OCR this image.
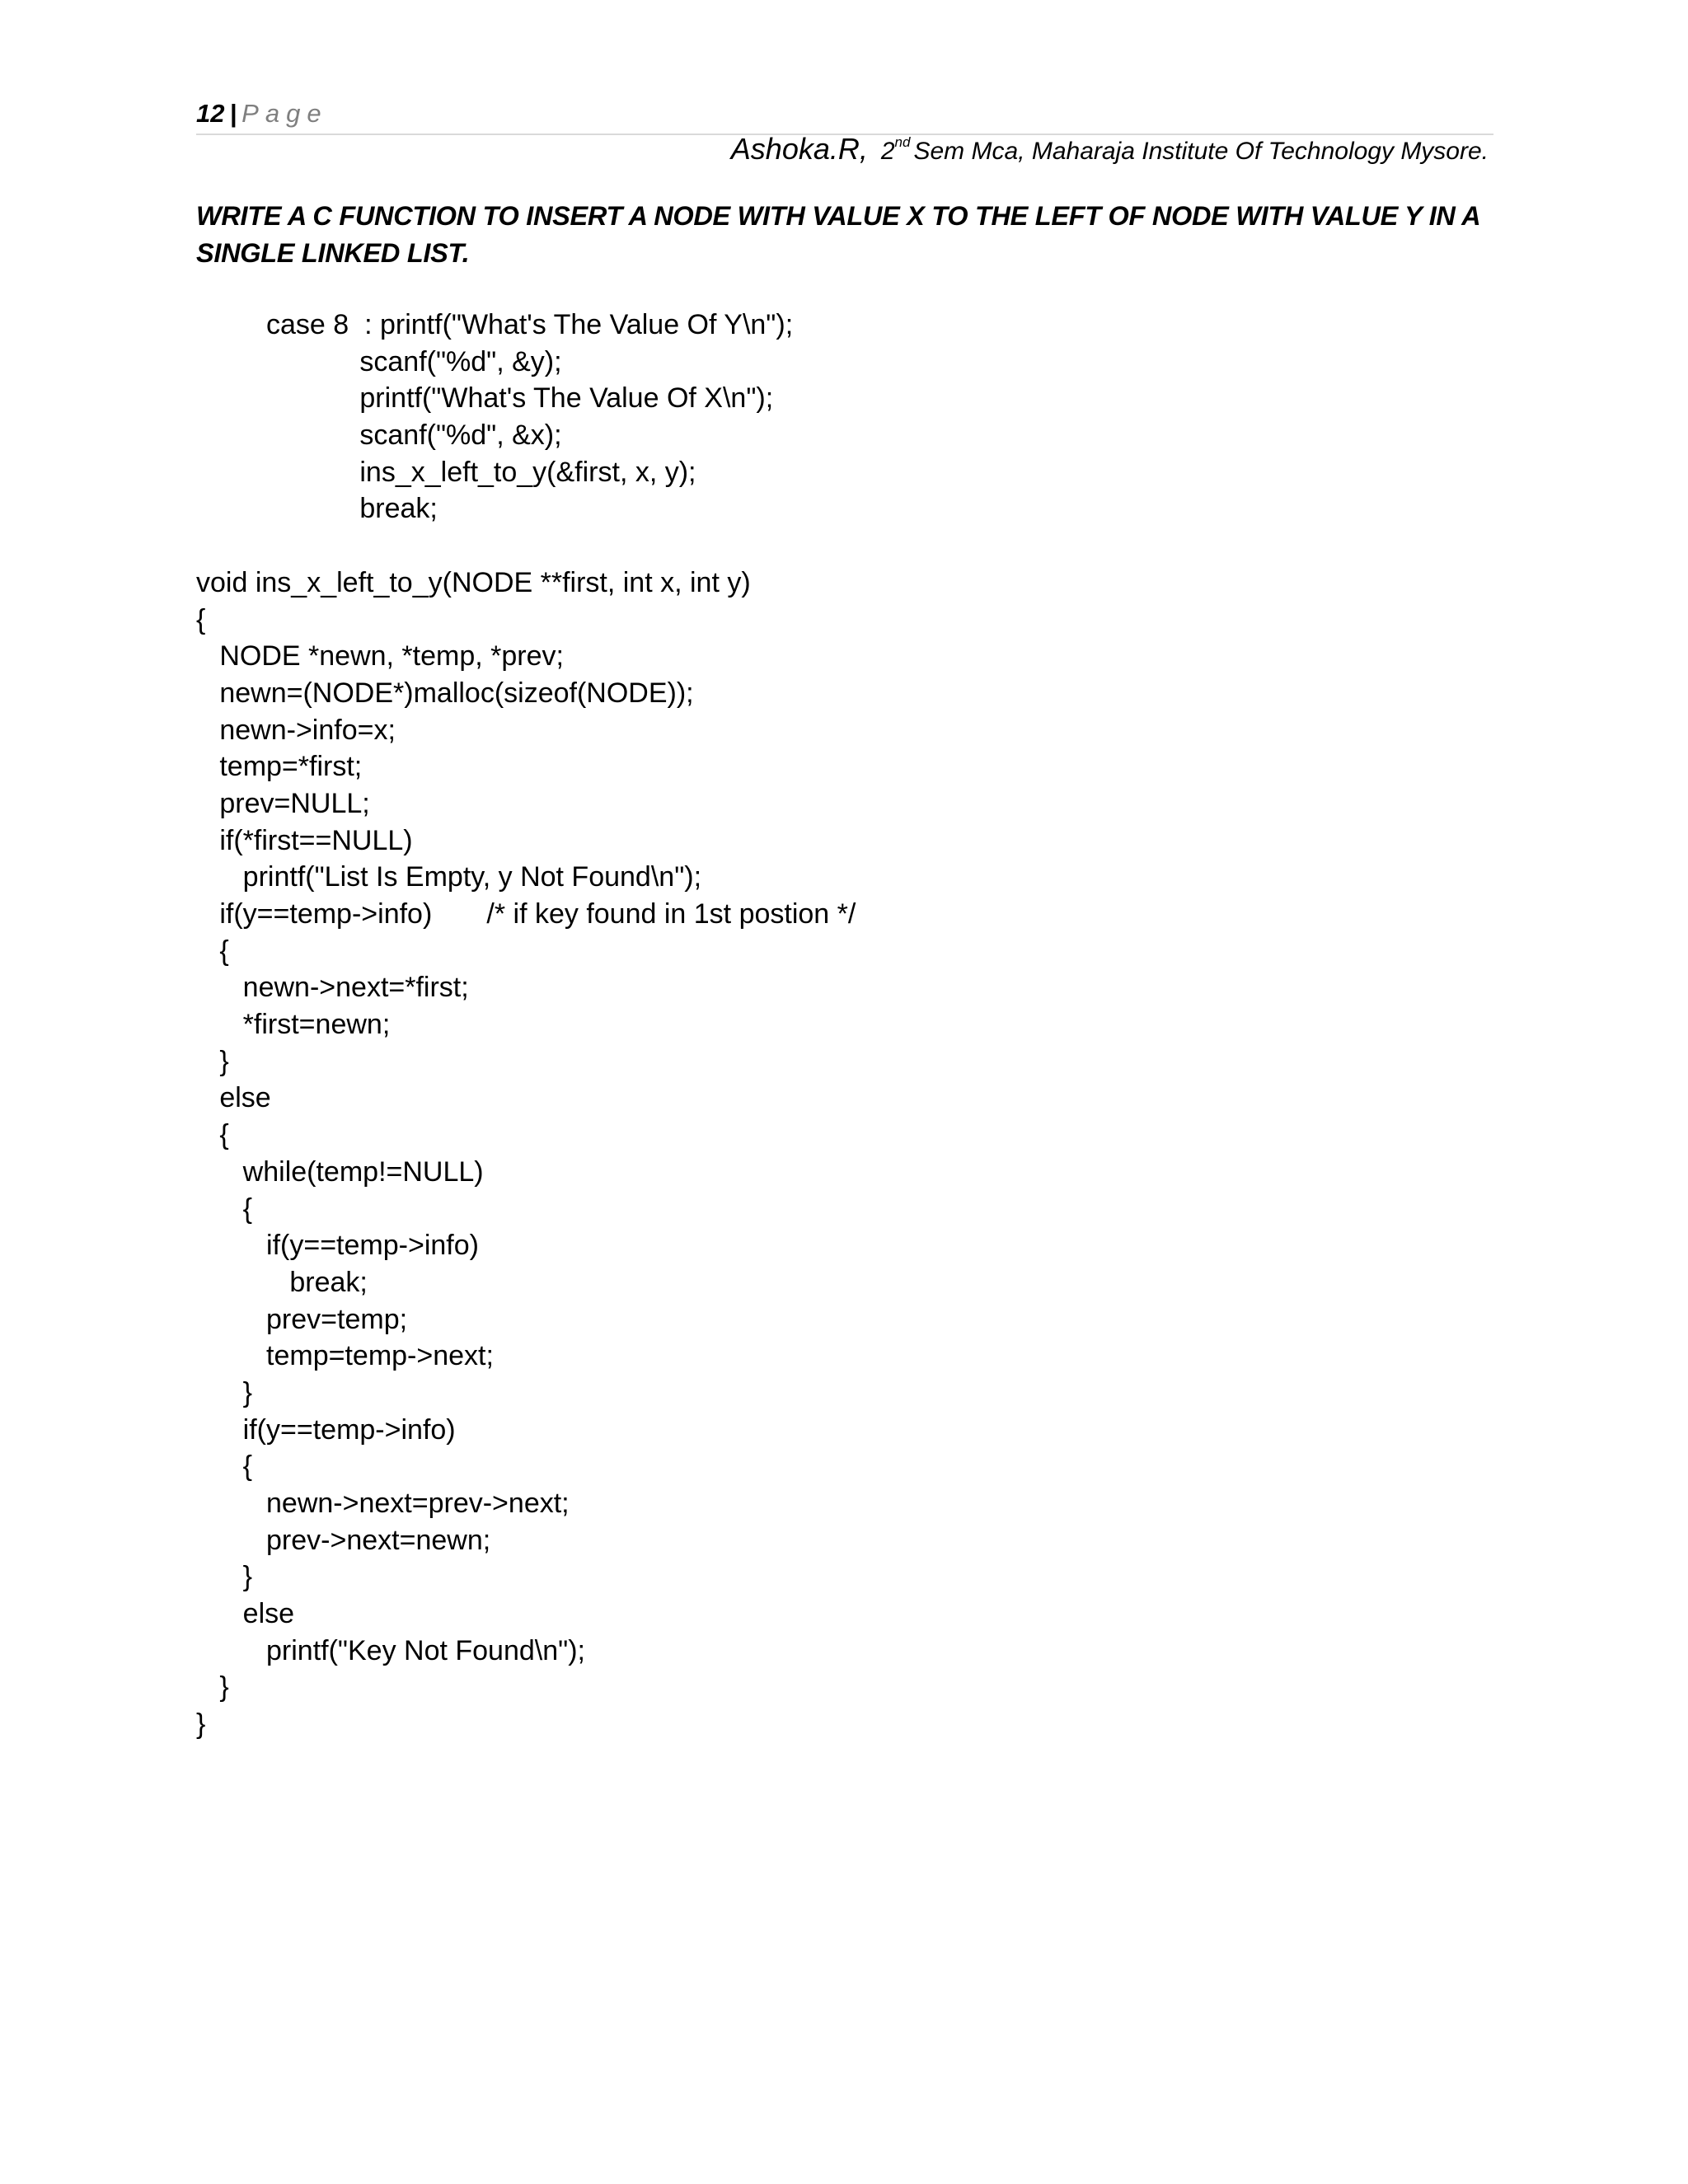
12 | Page
Ashoka.R, 2nd Sem Mca, Maharaja Institute Of Technology Mysore.
WRITE A C FUNCTION TO INSERT A NODE WITH VALUE X TO THE LEFT OF NODE WITH VALUE Y IN A
SINGLE LINKED LIST.
case 8  : printf("What's The Value Of Y\n");
scanf("%d", &y);
printf("What's The Value Of X\n");
scanf("%d", &x);
ins_x_left_to_y(&first, x, y);
break;
void ins_x_left_to_y(NODE **first, int x, int y)
{
NODE *newn, *temp, *prev;
newn=(NODE*)malloc(sizeof(NODE));
newn->info=x;
temp=*first;
prev=NULL;
if(*first==NULL)
printf("List Is Empty, y Not Found\n");
if(y==temp->info)       /* if key found in 1st postion */
{
newn->next=*first;
*first=newn;
}
else
{
while(temp!=NULL)
{
if(y==temp->info)
break;
prev=temp;
temp=temp->next;
}
if(y==temp->info)
{
newn->next=prev->next;
prev->next=newn;
}
else
printf("Key Not Found\n");
}
}
